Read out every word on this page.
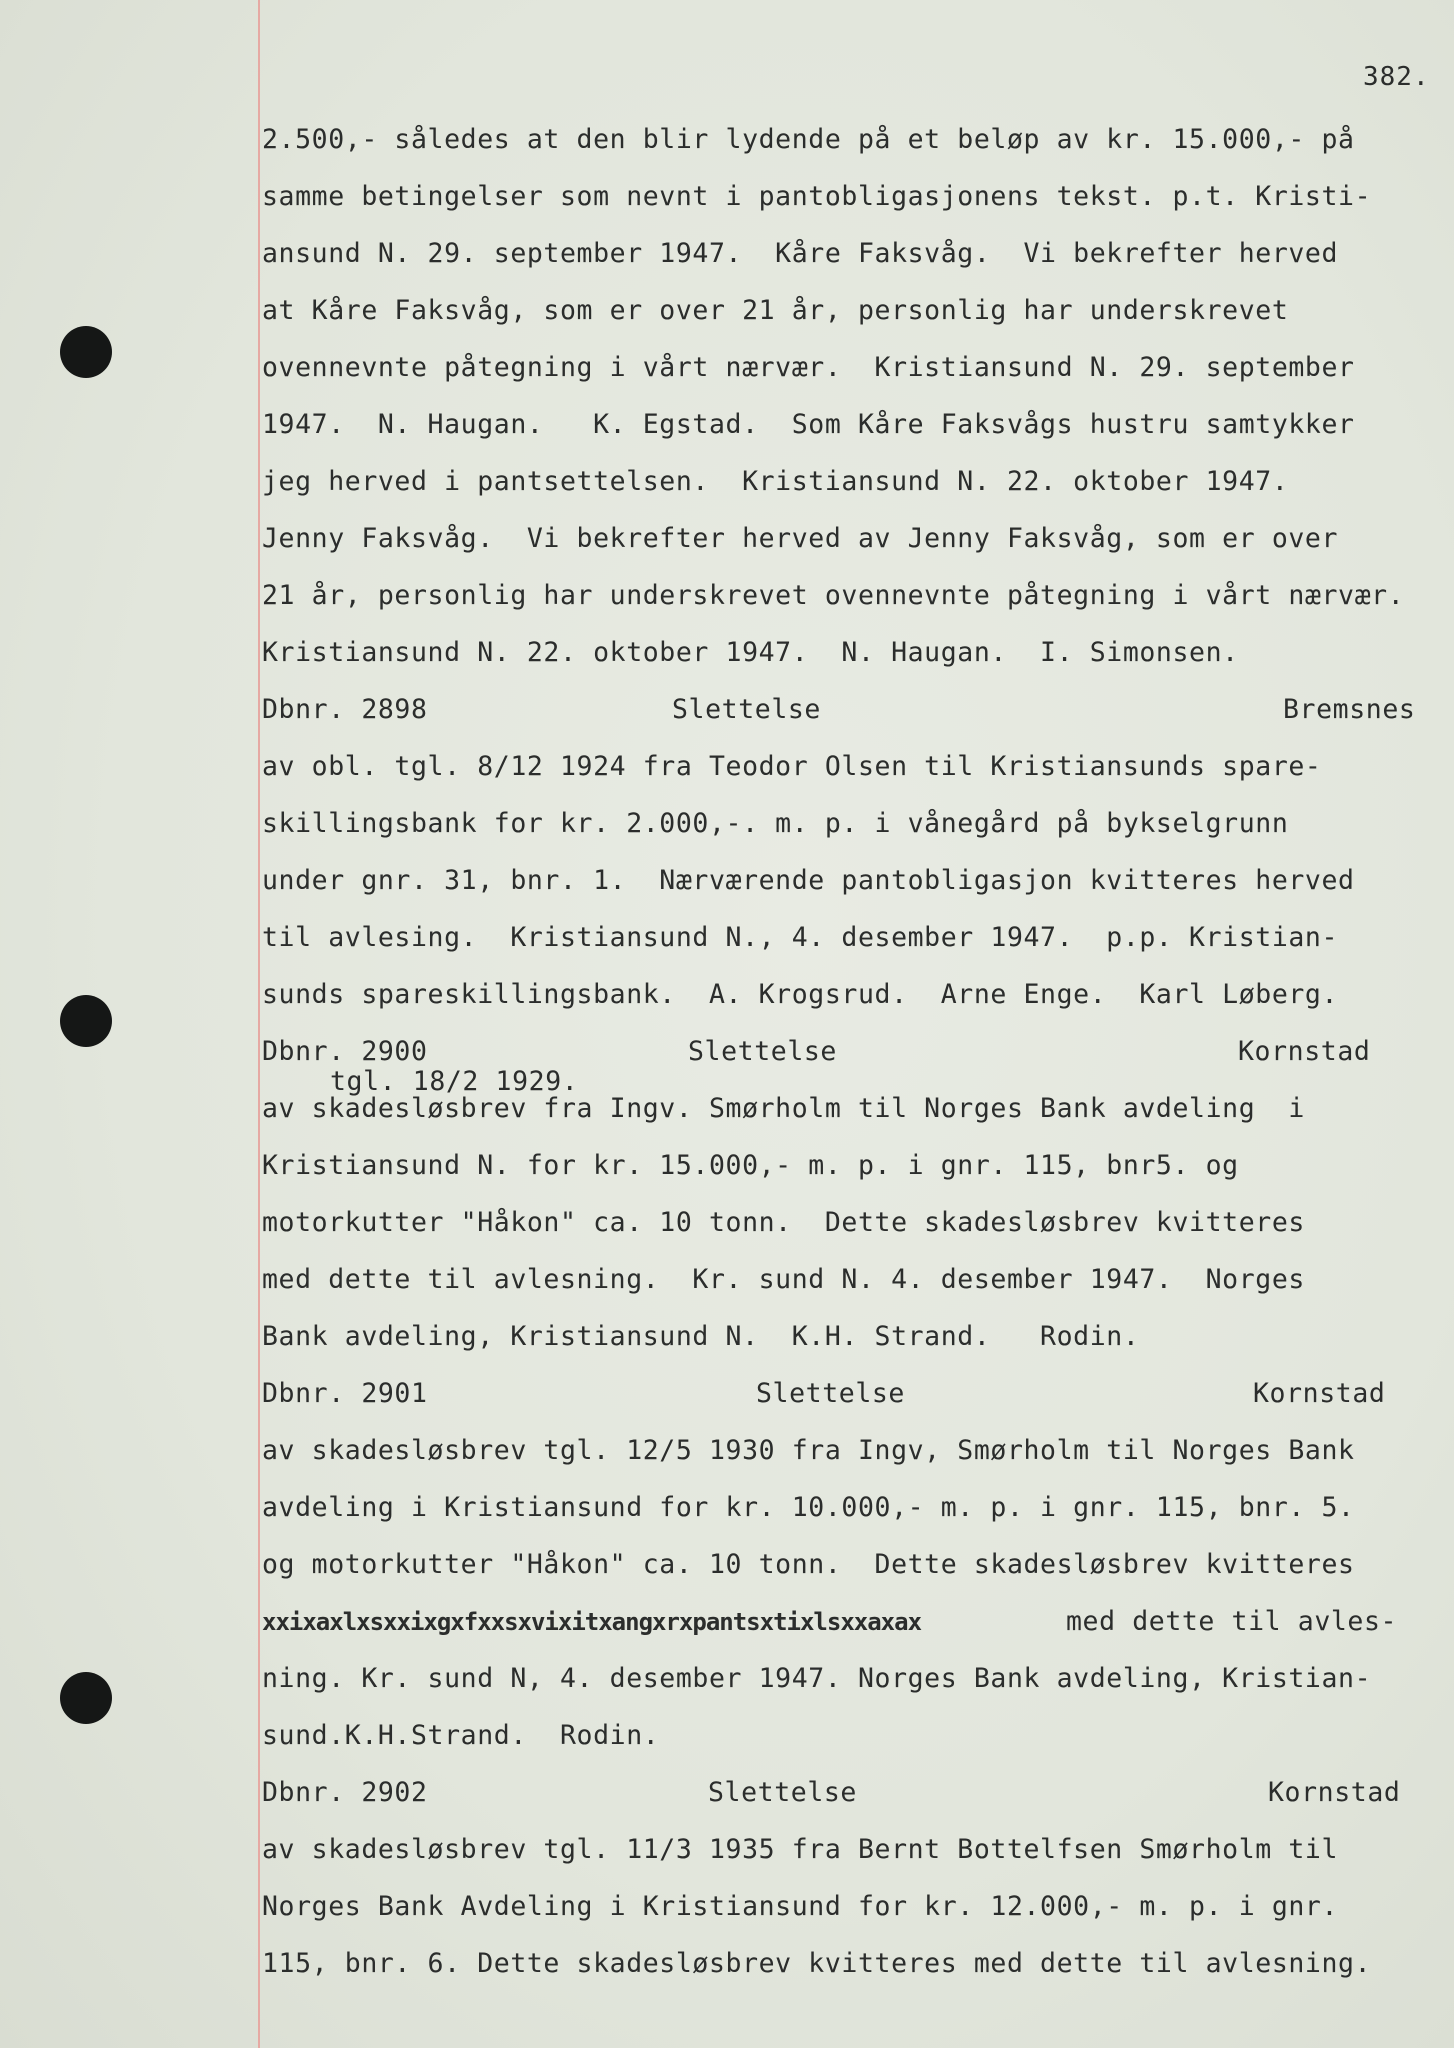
382.
2.500,- således at den blir lydende på et beløp av kr. 15.000,- på
samme betingelser som nevnt i pantobligasjonens tekst. p.t. Kristi-
ansund N. 29. september 1947.  Kåre Faksvåg.  Vi bekrefter herved
at Kåre Faksvåg, som er over 21 år, personlig har underskrevet
ovennevnte påtegning i vårt nærvær.  Kristiansund N. 29. september
1947.  N. Haugan.   K. Egstad.  Som Kåre Faksvågs hustru samtykker
jeg herved i pantsettelsen.  Kristiansund N. 22. oktober 1947.
Jenny Faksvåg.  Vi bekrefter herved av Jenny Faksvåg, som er over
21 år, personlig har underskrevet ovennevnte påtegning i vårt nærvær.
Kristiansund N. 22. oktober 1947.  N. Haugan.  I. Simonsen.
Dbnr. 2898	Slettelse	Bremsnes
av obl. tgl. 8/12 1924 fra Teodor Olsen til Kristiansunds spare-
skillingsbank for kr. 2.000,-. m. p. i vånegård på bykselgrunn
under gnr. 31, bnr. 1.  Nærværende pantobligasjon kvitteres herved
til avlesing.  Kristiansund N., 4. desember 1947.  p.p. Kristian-
sunds spareskillingsbank.  A. Krogsrud.  Arne Enge.  Karl Løberg.
Dbnr. 2900	Slettelse	Kornstad
tgl. 18/2 1929.
av skadesløsbrev fra Ingv. Smørholm til Norges Bank avdeling  i
Kristiansund N. for kr. 15.000,- m. p. i gnr. 115, bnr5. og
motorkutter "Håkon" ca. 10 tonn.  Dette skadesløsbrev kvitteres
med dette til avlesning.  Kr. sund N. 4. desember 1947.  Norges
Bank avdeling, Kristiansund N.  K.H. Strand.   Rodin.
Dbnr. 2901	Slettelse	Kornstad
av skadesløsbrev tgl. 12/5 1930 fra Ingv, Smørholm til Norges Bank
avdeling i Kristiansund for kr. 10.000,- m. p. i gnr. 115, bnr. 5.
og motorkutter "Håkon" ca. 10 tonn.  Dette skadesløsbrev kvitteres
xxixaxlxsxxixgxfxxsxvixitxangxrxpantsxtixlsxxaxax	med dette til avles-
ning. Kr. sund N, 4. desember 1947. Norges Bank avdeling, Kristian-
sund.K.H.Strand.  Rodin.
Dbnr. 2902	Slettelse	Kornstad
av skadesløsbrev tgl. 11/3 1935 fra Bernt Bottelfsen Smørholm til
Norges Bank Avdeling i Kristiansund for kr. 12.000,- m. p. i gnr.
115, bnr. 6. Dette skadesløsbrev kvitteres med dette til avlesning.
